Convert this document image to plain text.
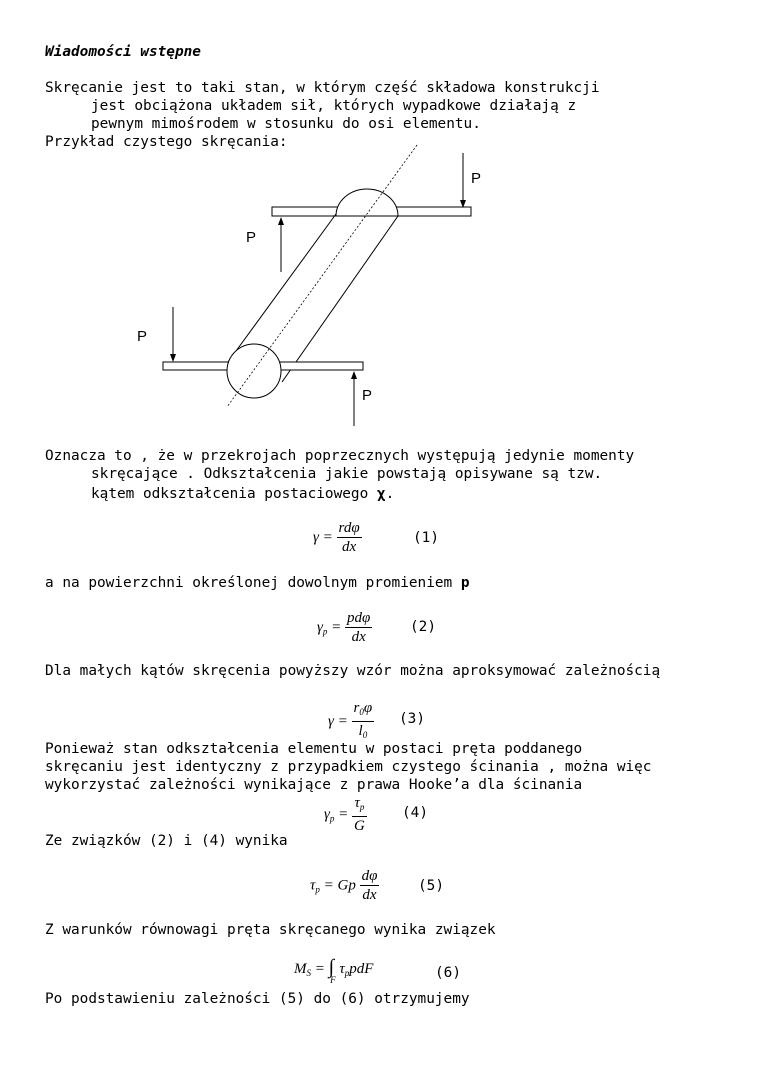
Wiadomości wstępne
Skręcanie jest to taki stan, w którym część składowa konstrukcji
jest obciążona układem sił, których wypadkowe działają z
pewnym mimośrodem w stosunku do osi elementu.
Przykład czystego skręcania:
P
P
P
P
Oznacza to , że w przekrojach poprzecznych występują jedynie momenty
skręcające . Odkształcenia jakie powstają opisywane są tzw.
kątem odkształcenia postaciowego χ.
$\gamma = \frac{\text{rdφ}}{dx}$	(1)
a na powierzchni określonej dowolnym promieniem p
$\gamma_p = \frac{\text{pdφ}}{dx}$	(2)
Dla małych kątów skręcenia powyższy wzór można aproksymować zależnością
$\gamma = \frac{r_0\varphi}{l_0} (3)$
Ponieważ stan odkształcenia elementu w postaci pręta poddanego
skręcaniu jest identyczny z przypadkiem czystego ścinania , można więc
wykorzystać zależności wynikające z prawa Hooke’a dla ścinania
$\gamma_p = \frac{\tau_p}{G} (4)$
Ze związków (2) i (4) wynika
$\tau_p = Gp \frac{d\varphi}{dx}$	(5)
Z warunków równowagi pręta skręcanego wynika związek
$M_S = \int_F$ $\tau_ppdF$	(6)
Po podstawieniu zależności (5) do (6) otrzymujemy
